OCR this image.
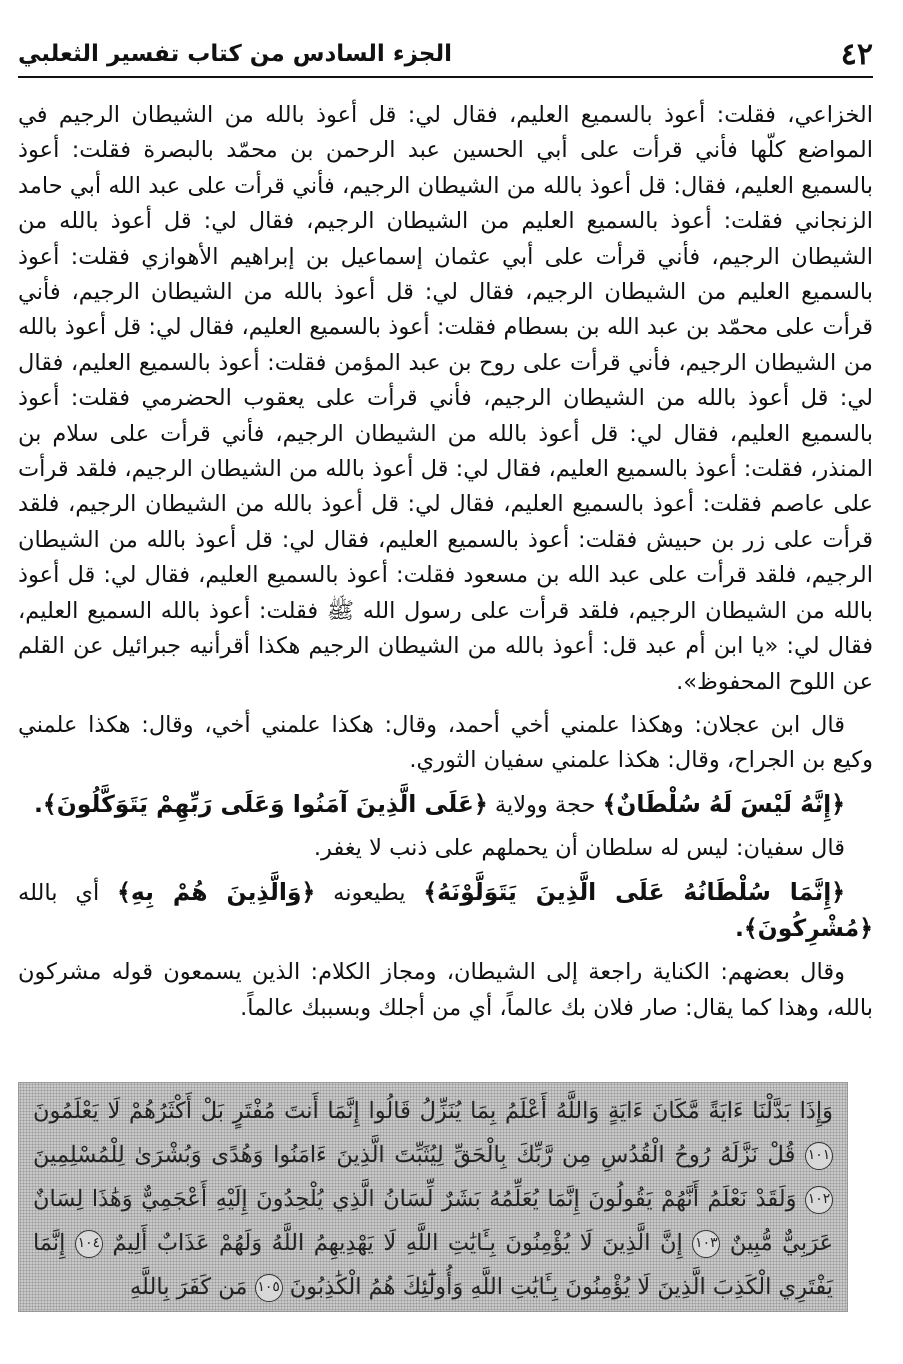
٤٢
الجزء السادس من كتاب تفسير الثعلبي

الخزاعي، فقلت: أعوذ بالسميع العليم، فقال لي: قل أعوذ بالله من الشيطان الرجيم في المواضع كلّها فأني قرأت على أبي الحسين عبد الرحمن بن محمّد بالبصرة فقلت: أعوذ بالسميع العليم، فقال: قل أعوذ بالله من الشيطان الرجيم، فأني قرأت على عبد الله أبي حامد الزنجاني فقلت: أعوذ بالسميع العليم من الشيطان الرجيم، فقال لي: قل أعوذ بالله من الشيطان الرجيم، فأني قرأت على أبي عثمان إسماعيل بن إبراهيم الأهوازي فقلت: أعوذ بالسميع العليم من الشيطان الرجيم، فقال لي: قل أعوذ بالله من الشيطان الرجيم، فأني قرأت على محمّد بن عبد الله بن بسطام فقلت: أعوذ بالسميع العليم، فقال لي: قل أعوذ بالله من الشيطان الرجيم، فأني قرأت على روح بن عبد المؤمن فقلت: أعوذ بالسميع العليم، فقال لي: قل أعوذ بالله من الشيطان الرجيم، فأني قرأت على يعقوب الحضرمي فقلت: أعوذ بالسميع العليم، فقال لي: قل أعوذ بالله من الشيطان الرجيم، فأني قرأت على سلام بن المنذر، فقلت: أعوذ بالسميع العليم، فقال لي: قل أعوذ بالله من الشيطان الرجيم، فلقد قرأت على عاصم فقلت: أعوذ بالسميع العليم، فقال لي: قل أعوذ بالله من الشيطان الرجيم، فلقد قرأت على زر بن حبيش فقلت: أعوذ بالسميع العليم، فقال لي: قل أعوذ بالله من الشيطان الرجيم، فلقد قرأت على عبد الله بن مسعود فقلت: أعوذ بالسميع العليم، فقال لي: قل أعوذ بالله من الشيطان الرجيم، فلقد قرأت على رسول الله ﷺ فقلت: أعوذ بالله السميع العليم، فقال لي: «يا ابن أم عبد قل: أعوذ بالله من الشيطان الرجيم هكذا أقرأنيه جبرائيل عن القلم عن اللوح المحفوظ».

قال ابن عجلان: وهكذا علمني أخي أحمد، وقال: هكذا علمني أخي، وقال: هكذا علمني وكيع بن الجراح، وقال: هكذا علمني سفيان الثوري.

﴿إِنَّهُ لَيْسَ لَهُ سُلْطَانٌ﴾ حجة وولاية ﴿عَلَى الَّذِينَ آمَنُوا وَعَلَى رَبِّهِمْ يَتَوَكَّلُونَ﴾.

قال سفيان: ليس له سلطان أن يحملهم على ذنب لا يغفر.

﴿إِنَّمَا سُلْطَانُهُ عَلَى الَّذِينَ يَتَوَلَّوْنَهُ﴾ يطيعونه ﴿وَالَّذِينَ هُمْ بِهِ﴾ أي بالله ﴿مُشْرِكُونَ﴾.

وقال بعضهم: الكناية راجعة إلى الشيطان، ومجاز الكلام: الذين يسمعون قوله مشركون بالله، وهذا كما يقال: صار فلان بك عالماً، أي من أجلك وبسببك عالماً.

وَإِذَا بَدَّلْنَا ءَايَةً مَّكَانَ ءَايَةٍ وَاللَّهُ أَعْلَمُ بِمَا يُنَزِّلُ قَالُوا إِنَّمَا أَنتَ مُفْتَرٍ بَلْ أَكْثَرُهُمْ لَا يَعْلَمُونَ ١٠١ قُلْ نَزَّلَهُ رُوحُ الْقُدُسِ مِن رَّبِّكَ بِالْحَقِّ لِيُثَبِّتَ الَّذِينَ ءَامَنُوا وَهُدًى وَبُشْرَىٰ لِلْمُسْلِمِينَ ١٠٢ وَلَقَدْ نَعْلَمُ أَنَّهُمْ يَقُولُونَ إِنَّمَا يُعَلِّمُهُ بَشَرٌ لِّسَانُ الَّذِي يُلْحِدُونَ إِلَيْهِ أَعْجَمِيٌّ وَهَٰذَا لِسَانٌ عَرَبِيٌّ مُّبِينٌ ١٠٣ إِنَّ الَّذِينَ لَا يُؤْمِنُونَ بِـَٔايَٰتِ اللَّهِ لَا يَهْدِيهِمُ اللَّهُ وَلَهُمْ عَذَابٌ أَلِيمٌ ١٠٤ إِنَّمَا يَفْتَرِي الْكَذِبَ الَّذِينَ لَا يُؤْمِنُونَ بِـَٔايَٰتِ اللَّهِ وَأُولَٰٓئِكَ هُمُ الْكَٰذِبُونَ ١٠٥ مَن كَفَرَ بِاللَّهِ
